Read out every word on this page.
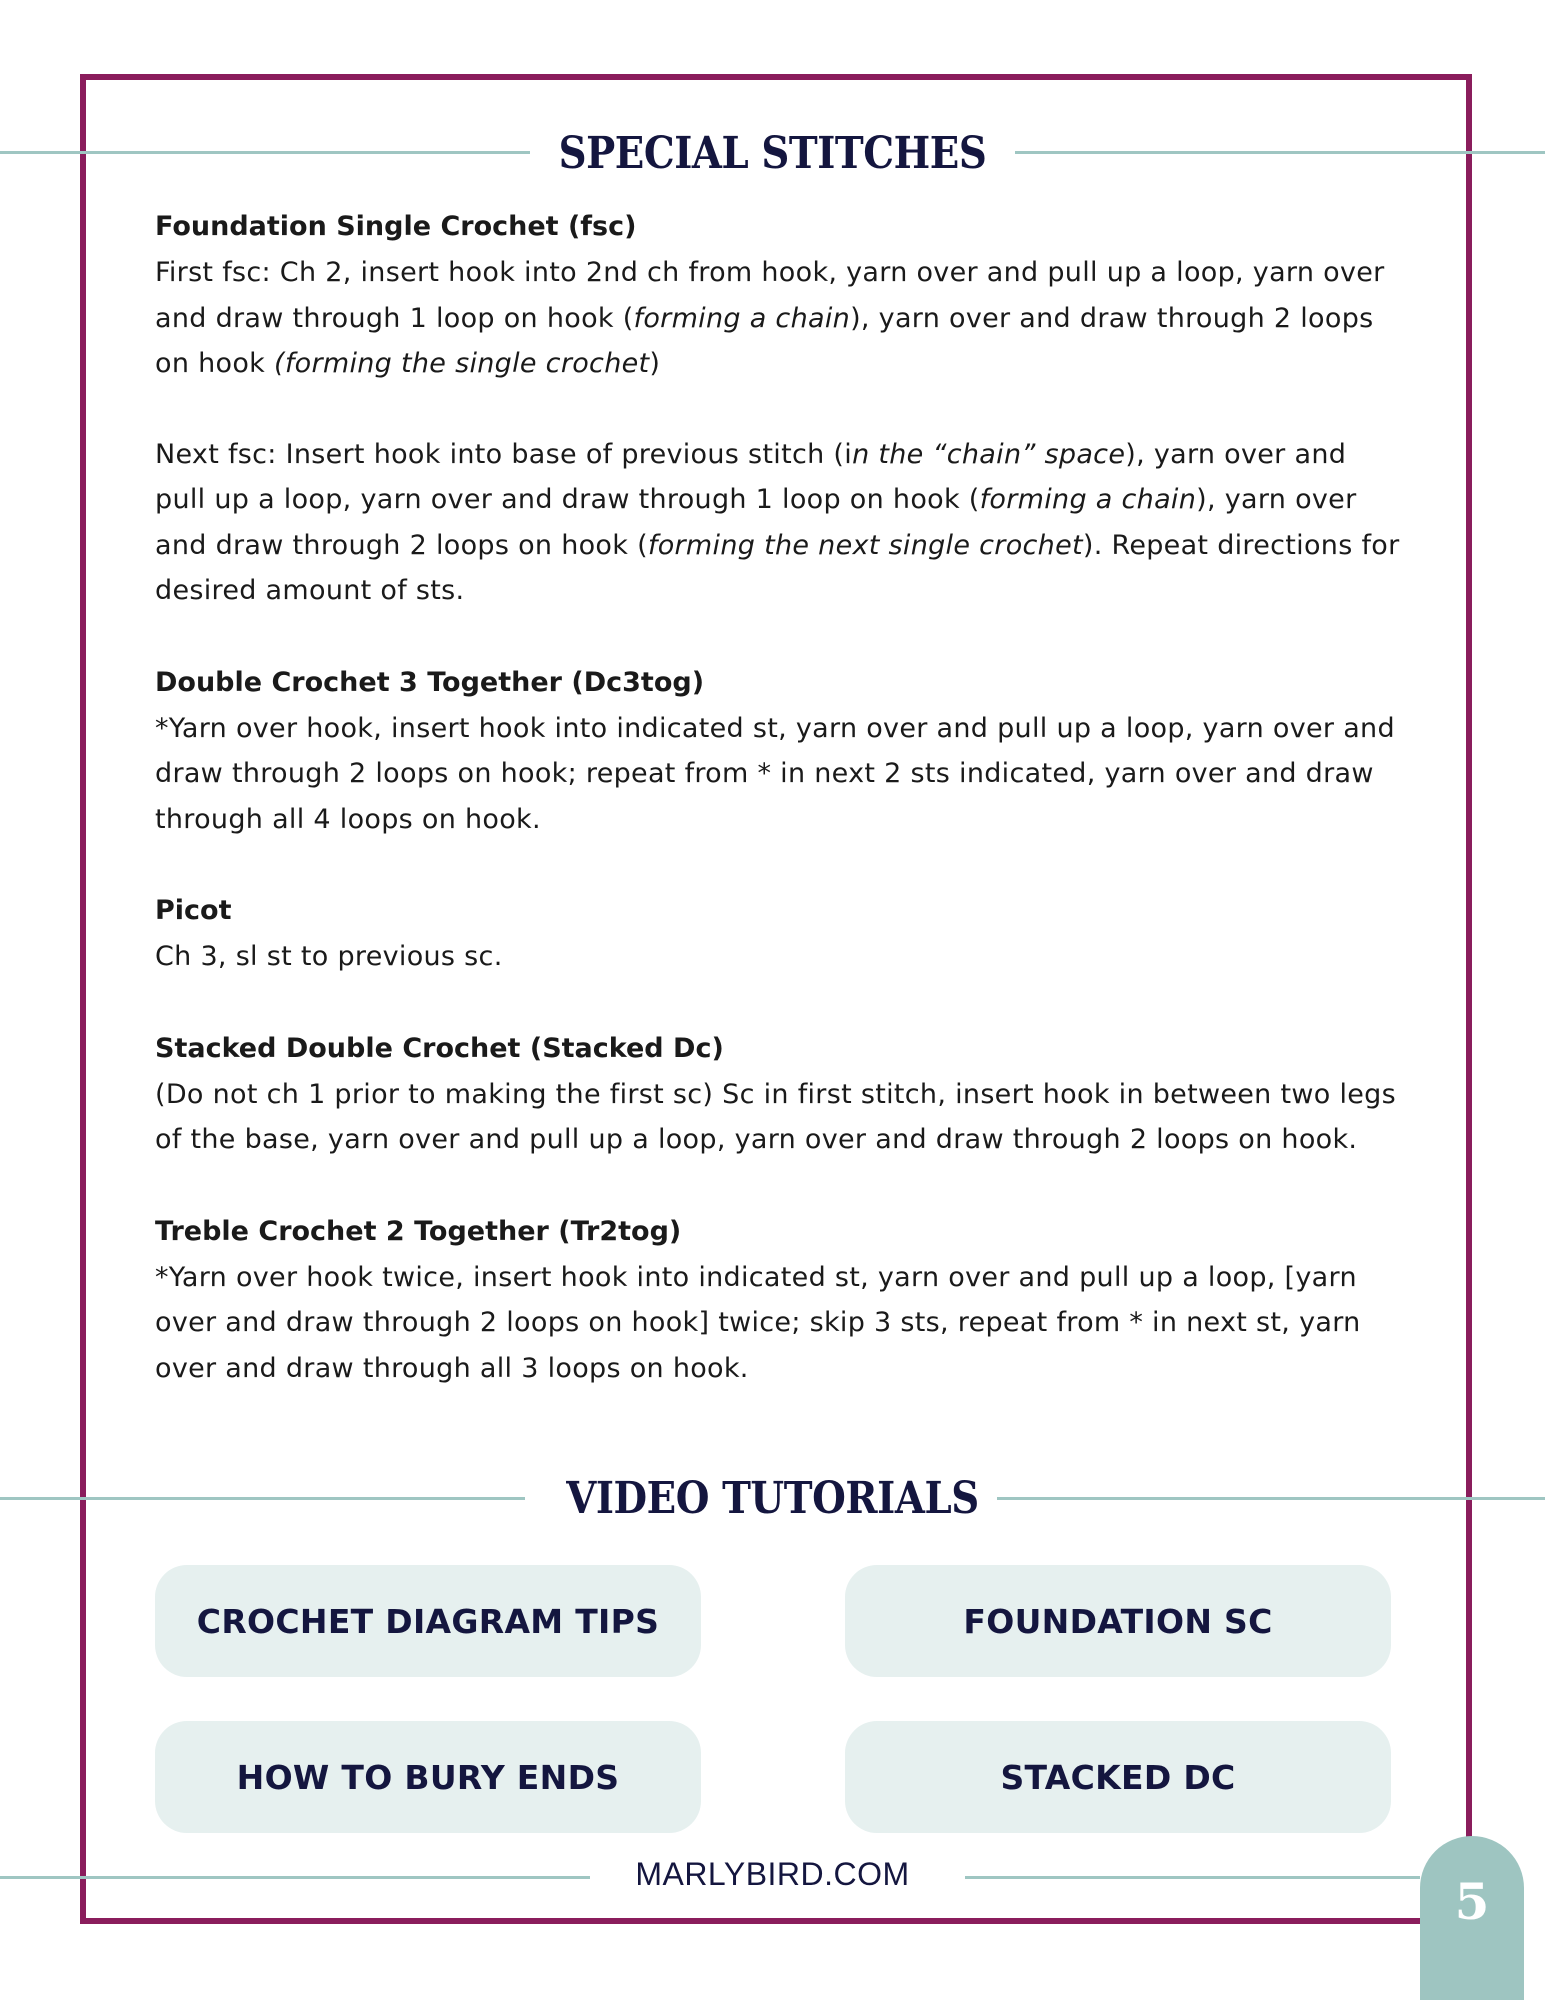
SPECIAL STITCHES
Foundation Single Crochet (fsc)

First fsc: Ch 2, insert hook into 2nd ch from hook, yarn over and pull up a loop, yarn over and draw through 1 loop on hook (forming a chain), yarn over and draw through 2 loops on hook (forming the single crochet)

Next fsc: Insert hook into base of previous stitch (in the “chain” space), yarn over and pull up a loop, yarn over and draw through 1 loop on hook (forming a chain), yarn over and draw through 2 loops on hook (forming the next single crochet). Repeat directions for desired amount of sts.

Double Crochet 3 Together (Dc3tog)

*Yarn over hook, insert hook into indicated st, yarn over and pull up a loop, yarn over and draw through 2 loops on hook; repeat from * in next 2 sts indicated, yarn over and draw through all 4 loops on hook.

Picot

Ch 3, sl st to previous sc.

Stacked Double Crochet (Stacked Dc)

(Do not ch 1 prior to making the first sc) Sc in first stitch, insert hook in between two legs of the base, yarn over and pull up a loop, yarn over and draw through 2 loops on hook.

Treble Crochet 2 Together (Tr2tog)

*Yarn over hook twice, insert hook into indicated st, yarn over and pull up a loop, [yarn over and draw through 2 loops on hook] twice; skip 3 sts, repeat from * in next st, yarn over and draw through all 3 loops on hook.

VIDEO TUTORIALS
CROCHET DIAGRAM TIPS	FOUNDATION SC
HOW TO BURY ENDS	STACKED DC
MARLYBIRD.COM	5
